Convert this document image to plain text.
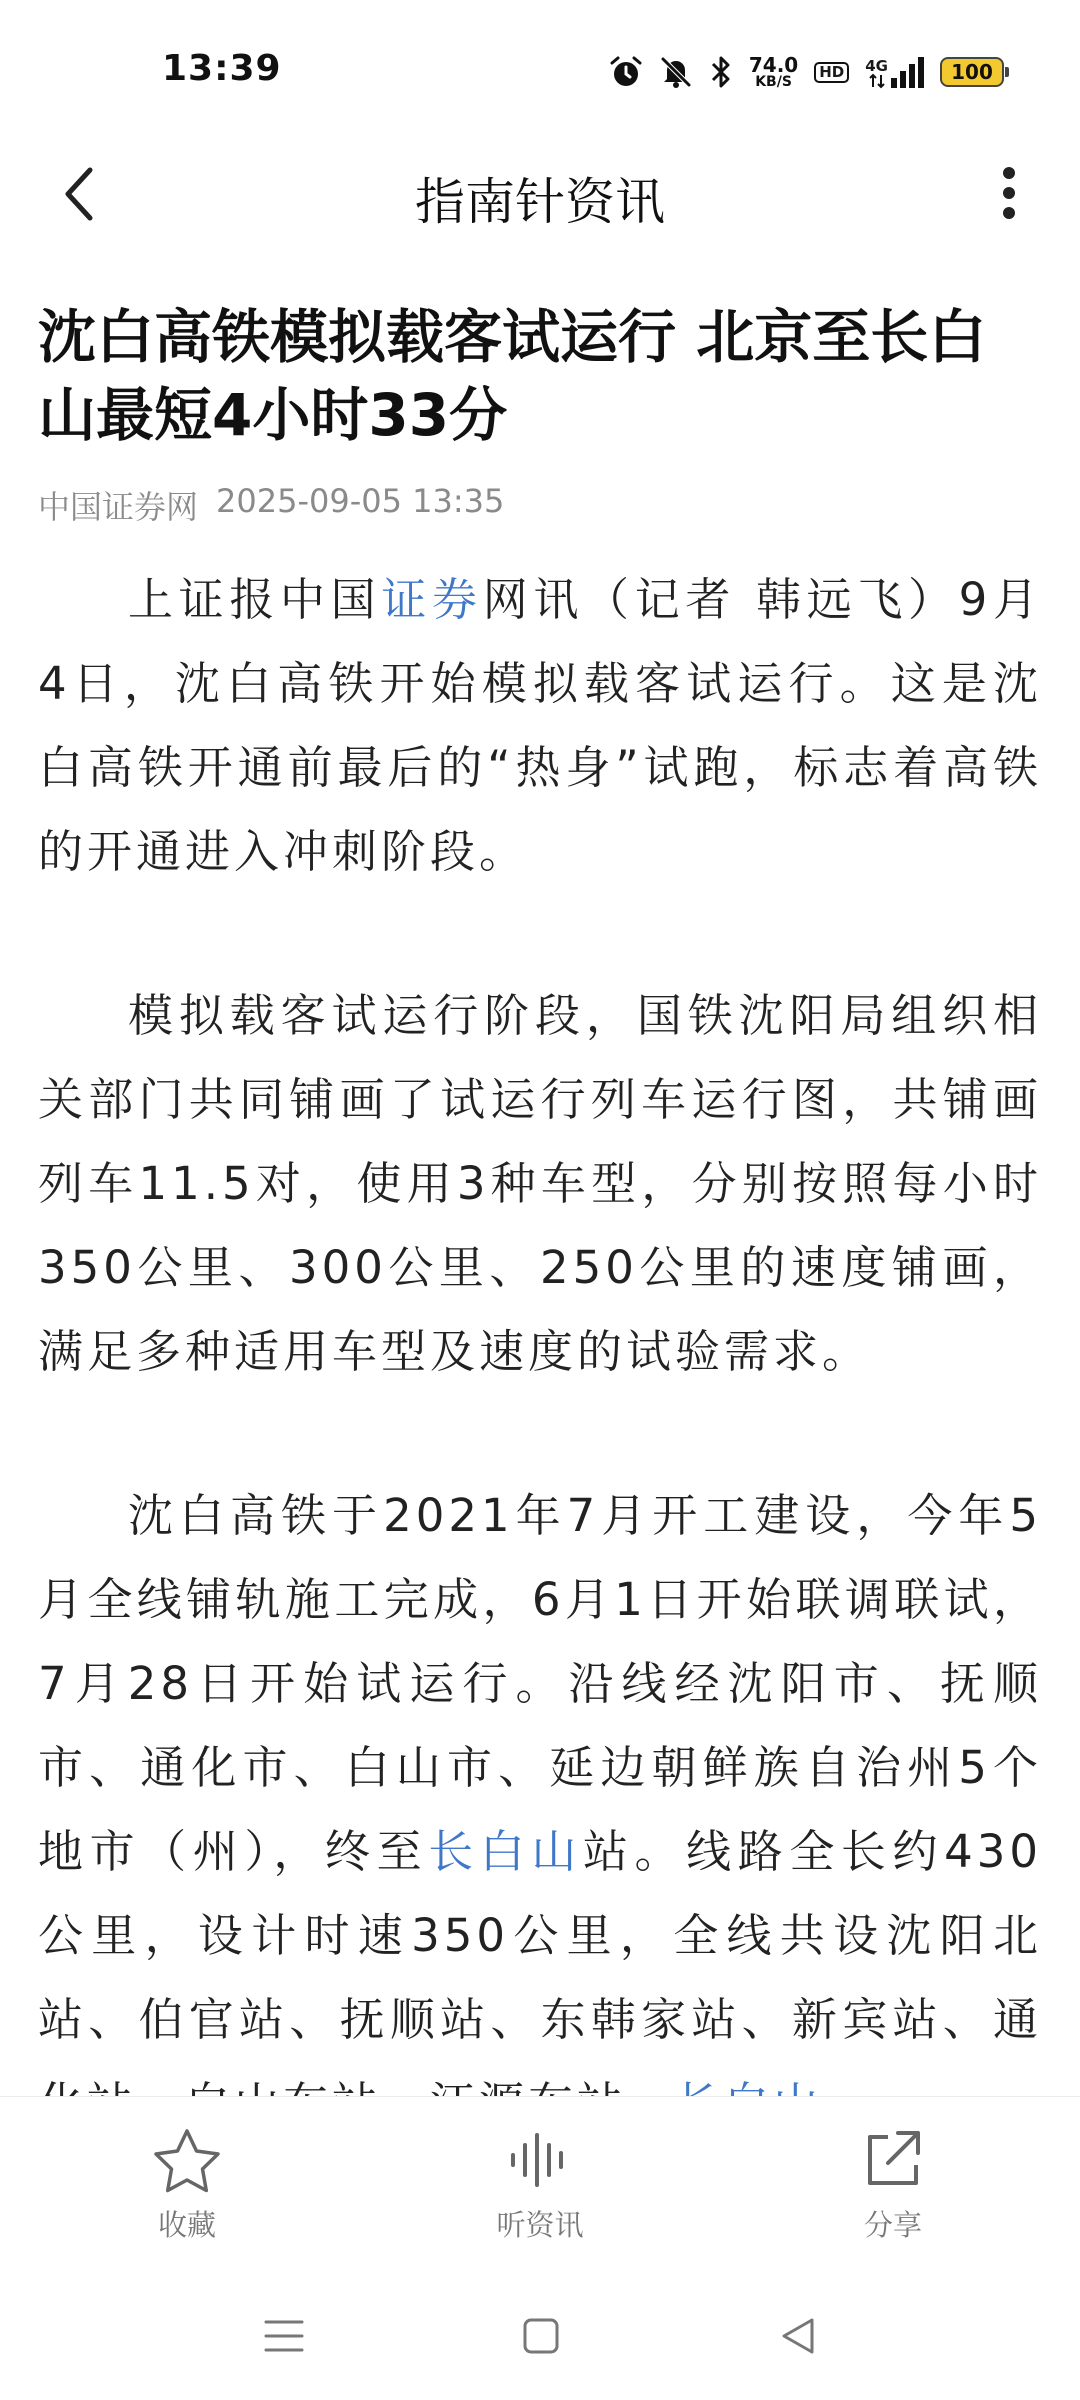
13:39	74.0
KB/S
HD	4G	100
指南针资讯
沈白高铁模拟载客试运行 北京至长白山最短4小时33分
中国证券网 2025-09-05 13:35

上证报中国证券网讯（记者 韩远飞）9月4日，沈白高铁开始模拟载客试运行。这是沈白高铁开通前最后的“热身”试跑，标志着高铁的开通进入冲刺阶段。

模拟载客试运行阶段，国铁沈阳局组织相关部门共同铺画了试运行列车运行图，共铺画列车11.5对，使用3种车型，分别按照每小时350公里、300公里、250公里的速度铺画，满足多种适用车型及速度的试验需求。

沈白高铁于2021年7月开工建设，今年5月全线铺轨施工完成，6月1日开始联调联试，7月28日开始试运行。沿线经沈阳市、抚顺市、通化市、白山市、延边朝鲜族自治州5个地市（州），终至长白山站。线路全长约430公里，设计时速350公里，全线共设沈阳北站、伯官站、抚顺站、东韩家站、新宾站、通

收藏	听资讯	分享
